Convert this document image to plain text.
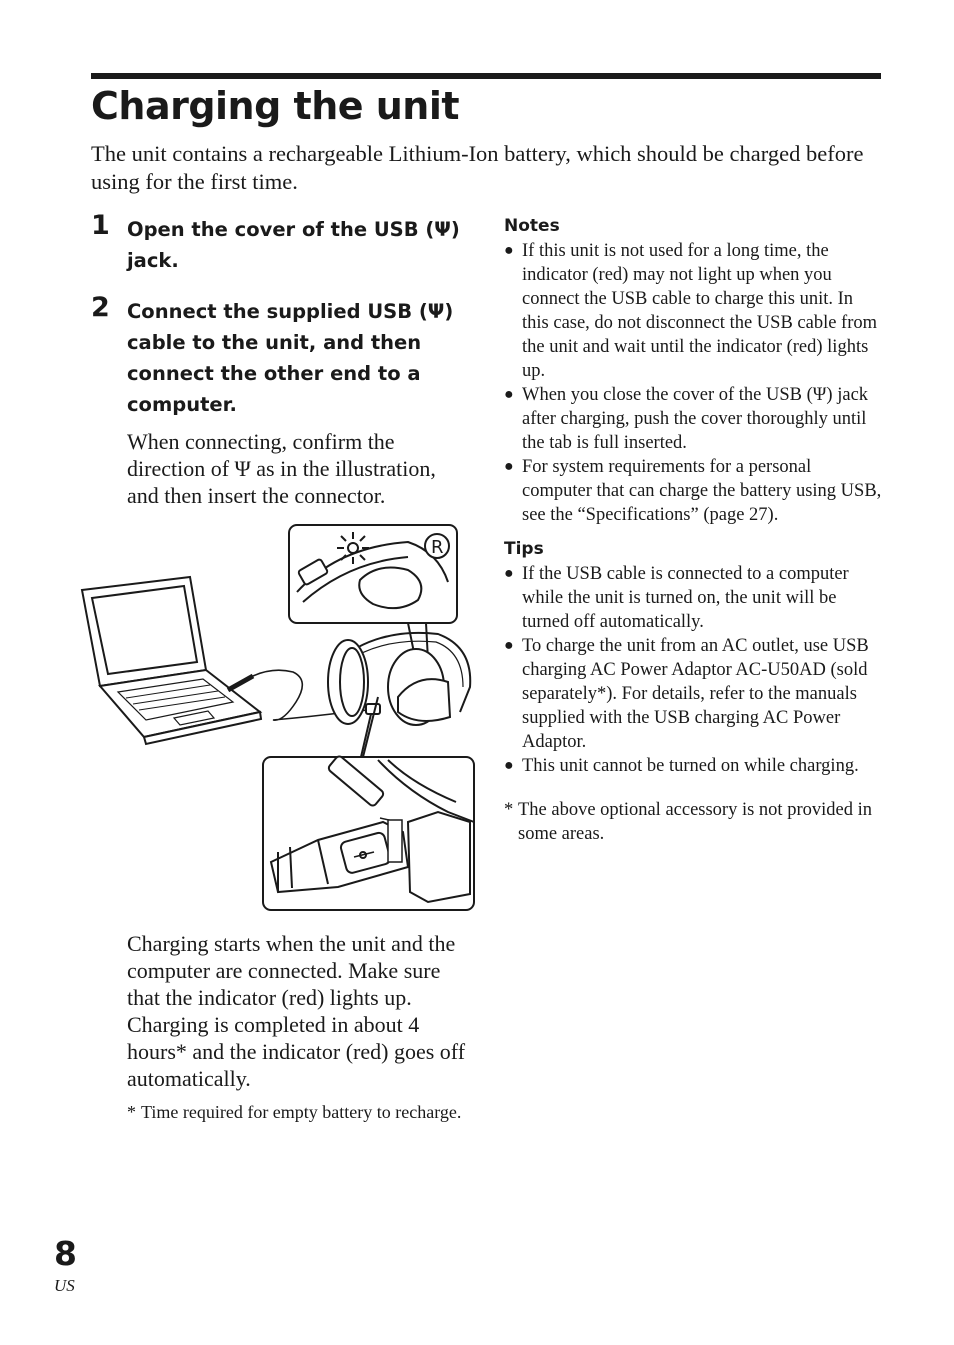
Charging the unit
The unit contains a rechargeable Lithium-Ion battery, which should be charged before using for the first time.
1 Open the cover of the USB (Ψ) jack.

2 Connect the supplied USB (Ψ) cable to the unit, and then connect the other end to a computer.

When connecting, confirm the direction of Ψ as in the illustration, and then insert the connector.

R

Charging starts when the unit and the computer are connected. Make sure that the indicator (red) lights up. Charging is completed in about 4 hours* and the indicator (red) goes off automatically.

* Time required for empty battery to recharge.

Notes

● If this unit is not used for a long time, the indicator (red) may not light up when you connect the USB cable to charge this unit. In this case, do not disconnect the USB cable from the unit and wait until the indicator (red) lights up.
● When you close the cover of the USB (Ψ) jack after charging, push the cover thoroughly until the tab is full inserted.
● For system requirements for a personal computer that can charge the battery using USB, see the “Specifications” (page 27).

Tips

● If the USB cable is connected to a computer while the unit is turned on, the unit will be turned off automatically.
● To charge the unit from an AC outlet, use USB charging AC Power Adaptor AC-U50AD (sold separately*). For details, refer to the manuals supplied with the USB charging AC Power Adaptor.
● This unit cannot be turned on while charging.
* The above optional accessory is not provided in some areas.
8
US
